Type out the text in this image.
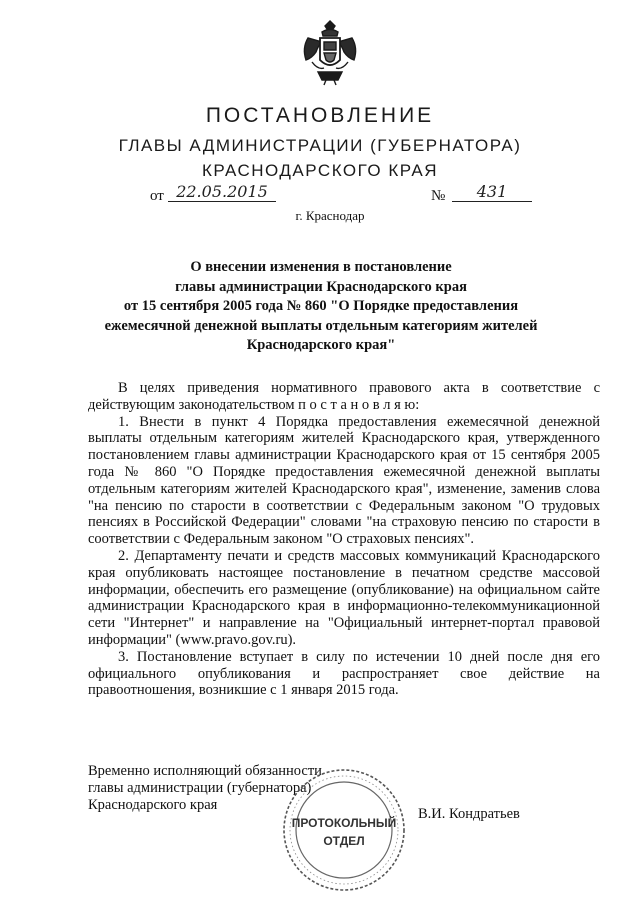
ПОСТАНОВЛЕНИЕ
ГЛАВЫ АДМИНИСТРАЦИИ (ГУБЕРНАТОРА)
КРАСНОДАРСКОГО КРАЯ
от 22.05.2015	№	431
г. Краснодар
О внесении изменения в постановление
главы администрации Краснодарского края
от 15 сентября 2005 года № 860 "О Порядке предоставления
ежемесячной денежной выплаты отдельным категориям жителей
Краснодарского края"

В целях приведения нормативного правового акта в соответствие с действующим законодательством п о с т а н о в л я ю:

1. Внести в пункт 4 Порядка предоставления ежемесячной денежной выплаты отдельным категориям жителей Краснодарского края, утвержденного постановлением главы администрации Краснодарского края от 15 сентября 2005 года № 860 "О Порядке предоставления ежемесячной денежной выплаты отдельным категориям жителей Краснодарского края", изменение, заменив слова "на пенсию по старости в соответствии с Федеральным законом "О трудовых пенсиях в Российской Федерации" словами "на страховую пенсию по старости в соответствии с Федеральным законом "О страховых пенсиях".

2. Департаменту печати и средств массовых коммуникаций Краснодарского края опубликовать настоящее постановление в печатном средстве массовой информации, обеспечить его размещение (опубликование) на официальном сайте администрации Краснодарского края в информационно-телекоммуникационной сети "Интернет" и направление на "Официальный интернет-портал правовой информации" (www.pravo.gov.ru).

3. Постановление вступает в силу по истечении 10 дней после дня его официального опубликования и распространяет свое действие на правоотношения, возникшие с 1 января 2015 года.

Временно исполняющий обязанности
главы администрации (губернатора)
Краснодарского края
ПРОТОКОЛЬНЫЙ
ОТДЕЛ
В.И. Кондратьев
